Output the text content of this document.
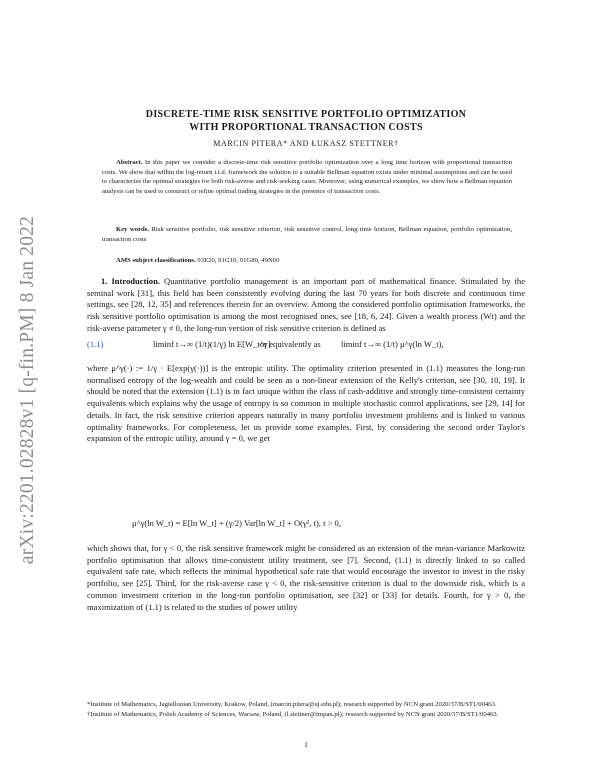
arXiv:2201.02828v1 [q-fin.PM] 8 Jan 2022
DISCRETE-TIME RISK SENSITIVE PORTFOLIO OPTIMIZATION
WITH PROPORTIONAL TRANSACTION COSTS
MARCIN PITERA* AND ŁUKASZ STETTNER†
Abstract. In this paper we consider a discrete-time risk sensitive portfolio optimization over a long time horizon with proportional transaction costs. We show that within the log-return i.i.d. framework the solution to a suitable Bellman equation exists under minimal assumptions and can be used to characterize the optimal strategies for both risk-averse and risk-seeking cases. Moreover, using numerical examples, we show how a Bellman equation analysis can be used to construct or refine optimal trading strategies in the presence of transaction costs.
Key words. Risk sensitive portfolio, risk sensitive criterion, risk sensitive control, long time horizon, Bellman equation, portfolio optimization, transaction costs
AMS subject classifications. 93E20, 91G10, 91G80, 49N60
1. Introduction. Quantitative portfolio management is an important part of mathematical finance. Stimulated by the seminal work [31], this field has been consistently evolving during the last 70 years for both discrete and continuous time settings, see [28, 12, 35] and references therein for an overview. Among the considered portfolio optimisation frameworks, the risk sensitive portfolio optimisation is among the most recognised ones, see [18, 6, 24]. Given a wealth process (Wt) and the risk-averse parameter γ ≠ 0, the long-run version of risk sensitive criterion is defined as
(1.1)	liminf t→∞ (1/t)(1/γ) ln E[W_t^γ]
or equivalently as liminf t→∞ (1/t) μ^γ(ln W_t),
where μ^γ(·) := 1/γ · E[exp(γ(·))] is the entropic utility. The optimality criterion presented in (1.1) measures the long-run normalised entropy of the log-wealth and could be seen as a non-linear extension of the Kelly's criterion, see [30, 10, 19]. It should be noted that the extension (1.1) is in fact unique within the class of cash-additive and strongly time-consistent certainty equivalents which explains why the usage of entropy is so common in multiple stochastic control applications, see [29, 14] for details. In fact, the risk sensitive criterion appears naturally in many portfolio investment problems and is linked to various optimality frameworks. For completeness, let us provide some examples. First, by considering the second order Taylor's expansion of the entropic utility, around γ = 0, we get
μ^γ(ln W_t) = E[ln W_t] + (γ/2) Var[ln W_t] + O(γ², t), t > 0,
which shows that, for γ < 0, the risk sensitive framework might be considered as an extension of the mean-variance Markowitz portfolio optimisation that allows time-consistent utility treatment, see [7]. Second, (1.1) is directly linked to so called equivalent safe rate, which reflects the minimal hypothetical safe rate that would encourage the investor to invest in the risky portfolio, see [25]. Third, for the risk-averse case γ < 0, the risk-sensitive criterion is dual to the downside risk, which is a common investment criterion in the long-run portfolio optimisation, see [32] or [33] for details. Fourth, for γ > 0, the maximization of (1.1) is related to the studies of power utility
*Institute of Mathematics, Jagiellonian University, Krakow, Poland, (marcin.pitera@uj.edu.pl); research supported by NCN grant 2020/37/B/ST1/00463.
†Institute of Mathematics, Polish Academy of Sciences, Warsaw, Poland, (l.stettner@impan.pl); research supported by NCN grant 2020/37/B/ST1/00463.
1
